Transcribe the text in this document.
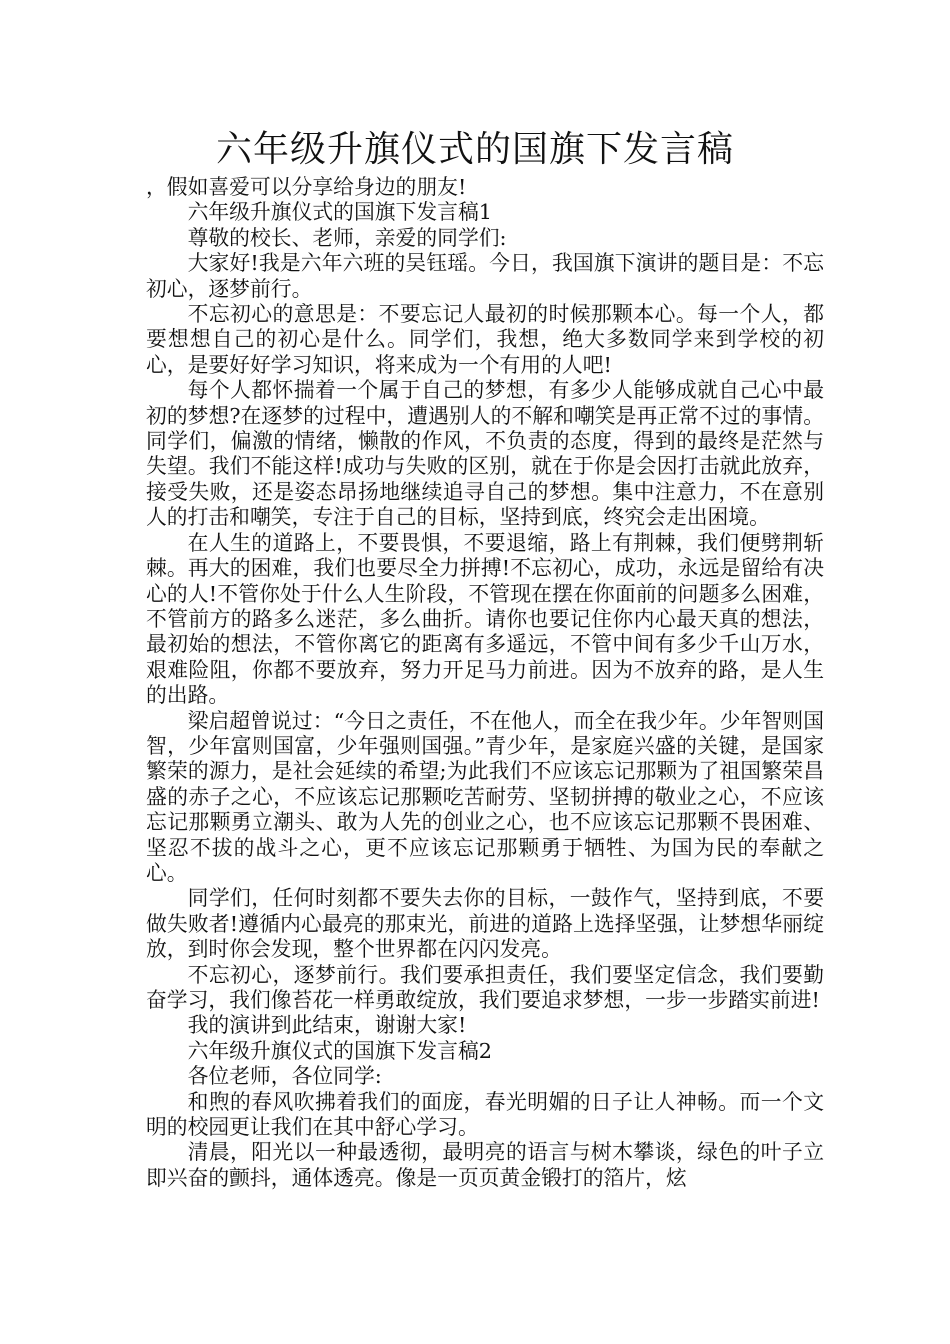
六年级升旗仪式的国旗下发言稿

，假如喜爱可以分享给身边的朋友!

六年级升旗仪式的国旗下发言稿1

尊敬的校长、老师，亲爱的同学们:

大家好!我是六年六班的吴钰瑶。今日，我国旗下演讲的题目是：不忘初心，逐梦前行。

不忘初心的意思是：不要忘记人最初的时候那颗本心。每一个人，都要想想自己的初心是什么。同学们，我想，绝大多数同学来到学校的初心，是要好好学习知识，将来成为一个有用的人吧!

每个人都怀揣着一个属于自己的梦想，有多少人能够成就自己心中最初的梦想?在逐梦的过程中，遭遇别人的不解和嘲笑是再正常不过的事情。同学们，偏激的情绪，懒散的作风，不负责的态度，得到的最终是茫然与失望。我们不能这样!成功与失败的区别，就在于你是会因打击就此放弃，接受失败，还是姿态昂扬地继续追寻自己的梦想。集中注意力，不在意别人的打击和嘲笑，专注于自己的目标，坚持到底，终究会走出困境。

在人生的道路上，不要畏惧，不要退缩，路上有荆棘，我们便劈荆斩棘。再大的困难，我们也要尽全力拼搏!不忘初心，成功，永远是留给有决心的人!不管你处于什么人生阶段，不管现在摆在你面前的问题多么困难，不管前方的路多么迷茫，多么曲折。请你也要记住你内心最天真的想法，最初始的想法，不管你离它的距离有多遥远，不管中间有多少千山万水，艰难险阻，你都不要放弃，努力开足马力前进。因为不放弃的路，是人生的出路。

梁启超曾说过：“今日之责任，不在他人，而全在我少年。少年智则国智，少年富则国富，少年强则国强。”青少年，是家庭兴盛的关键，是国家繁荣的源力，是社会延续的希望;为此我们不应该忘记那颗为了祖国繁荣昌盛的赤子之心，不应该忘记那颗吃苦耐劳、坚韧拼搏的敬业之心，不应该忘记那颗勇立潮头、敢为人先的创业之心，也不应该忘记那颗不畏困难、坚忍不拔的战斗之心，更不应该忘记那颗勇于牺牲、为国为民的奉献之心。

同学们，任何时刻都不要失去你的目标，一鼓作气，坚持到底，不要做失败者!遵循内心最亮的那束光，前进的道路上选择坚强，让梦想华丽绽放，到时你会发现，整个世界都在闪闪发亮。

不忘初心，逐梦前行。我们要承担责任，我们要坚定信念，我们要勤奋学习，我们像苔花一样勇敢绽放，我们要追求梦想，一步一步踏实前进!

我的演讲到此结束，谢谢大家!

六年级升旗仪式的国旗下发言稿2

各位老师，各位同学:

和煦的春风吹拂着我们的面庞，春光明媚的日子让人神畅。而一个文明的校园更让我们在其中舒心学习。

清晨，阳光以一种最透彻，最明亮的语言与树木攀谈，绿色的叶子立即兴奋的颤抖，通体透亮。像是一页页黄金锻打的箔片，炫
